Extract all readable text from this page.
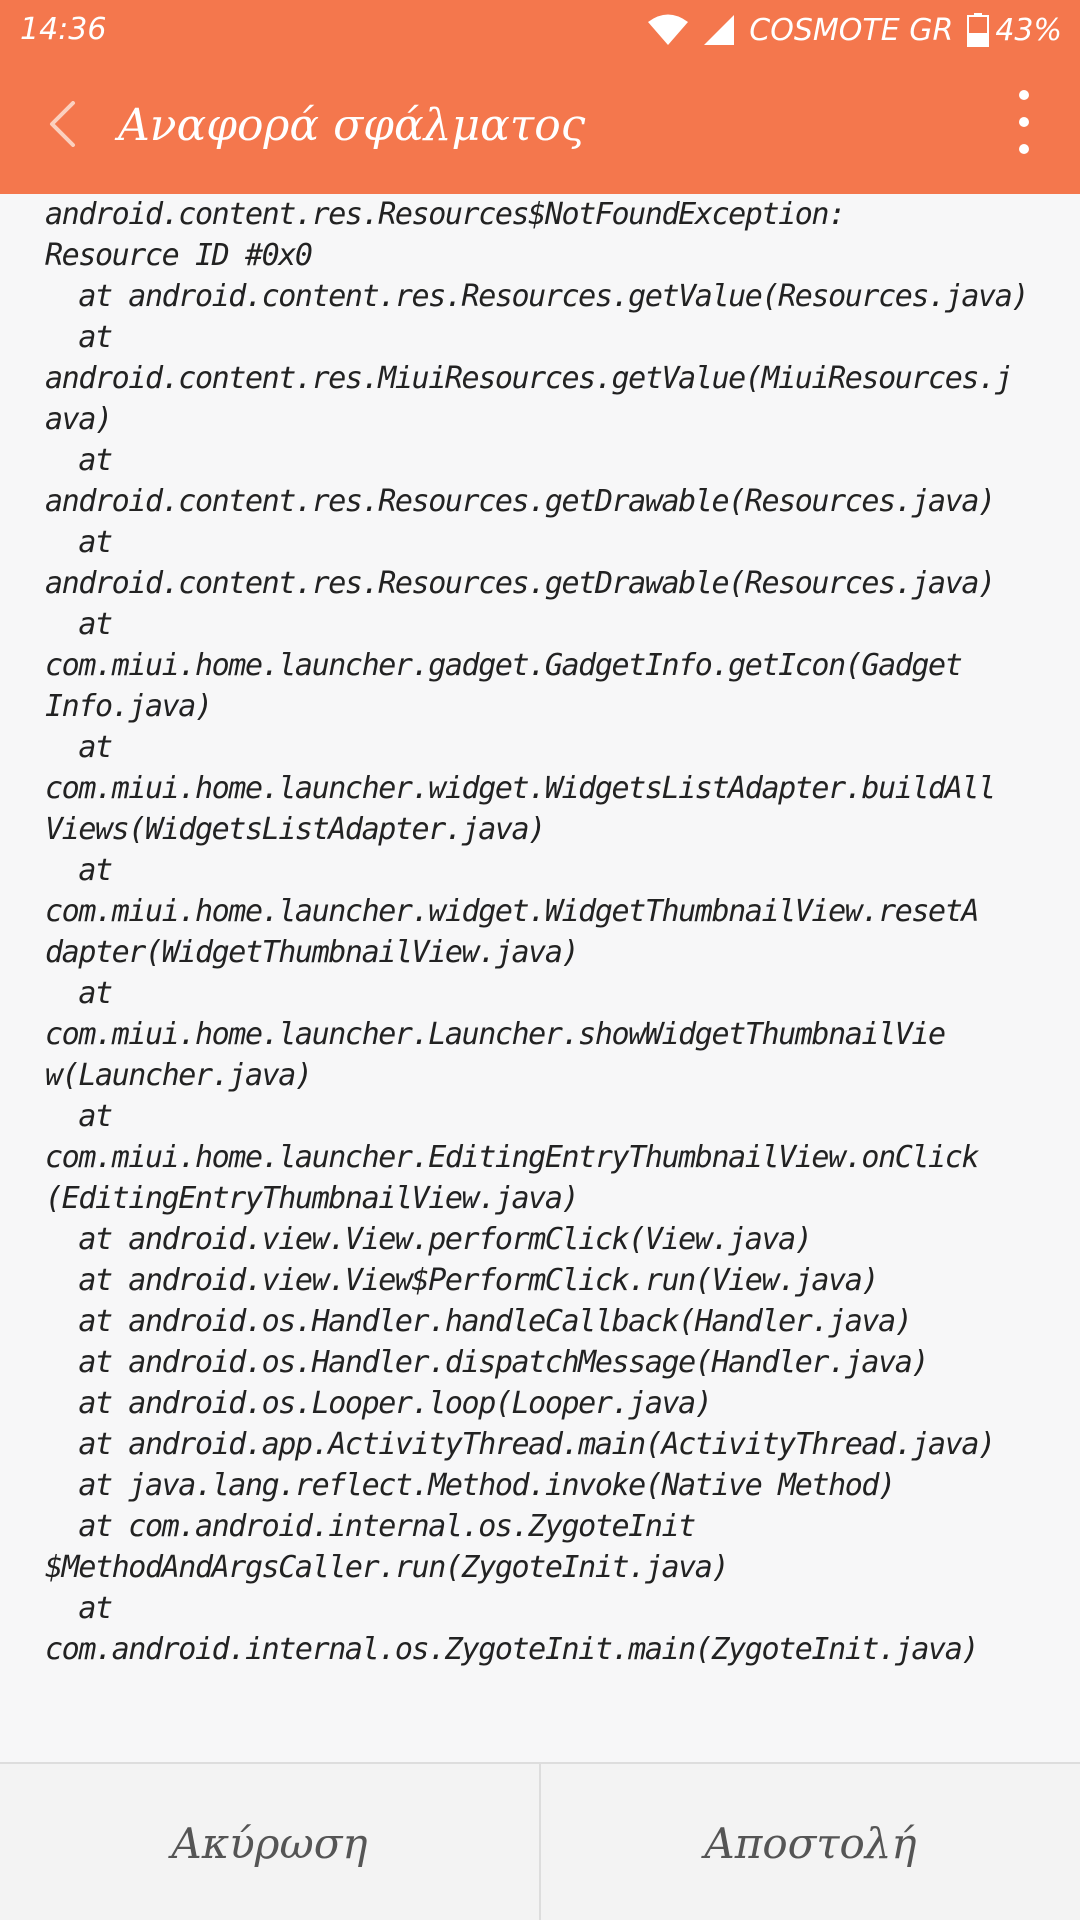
14:36	COSMOTE GR 43%
Αναφορά σφάλματος
android.content.res.Resources$NotFoundException:
Resource ID #0x0
at android.content.res.Resources.getValue(Resources.java)
at
android.content.res.MiuiResources.getValue(MiuiResources.j
ava)
at
android.content.res.Resources.getDrawable(Resources.java)
at
android.content.res.Resources.getDrawable(Resources.java)
at
com.miui.home.launcher.gadget.GadgetInfo.getIcon(Gadget
Info.java)
at
com.miui.home.launcher.widget.WidgetsListAdapter.buildAll
Views(WidgetsListAdapter.java)
at
com.miui.home.launcher.widget.WidgetThumbnailView.resetA
dapter(WidgetThumbnailView.java)
at
com.miui.home.launcher.Launcher.showWidgetThumbnailVie
w(Launcher.java)
at
com.miui.home.launcher.EditingEntryThumbnailView.onClick
(EditingEntryThumbnailView.java)
at android.view.View.performClick(View.java)
at android.view.View$PerformClick.run(View.java)
at android.os.Handler.handleCallback(Handler.java)
at android.os.Handler.dispatchMessage(Handler.java)
at android.os.Looper.loop(Looper.java)
at android.app.ActivityThread.main(ActivityThread.java)
at java.lang.reflect.Method.invoke(Native Method)
at com.android.internal.os.ZygoteInit
$MethodAndArgsCaller.run(ZygoteInit.java)
at
com.android.internal.os.ZygoteInit.main(ZygoteInit.java)
Ακύρωση	Αποστολή
